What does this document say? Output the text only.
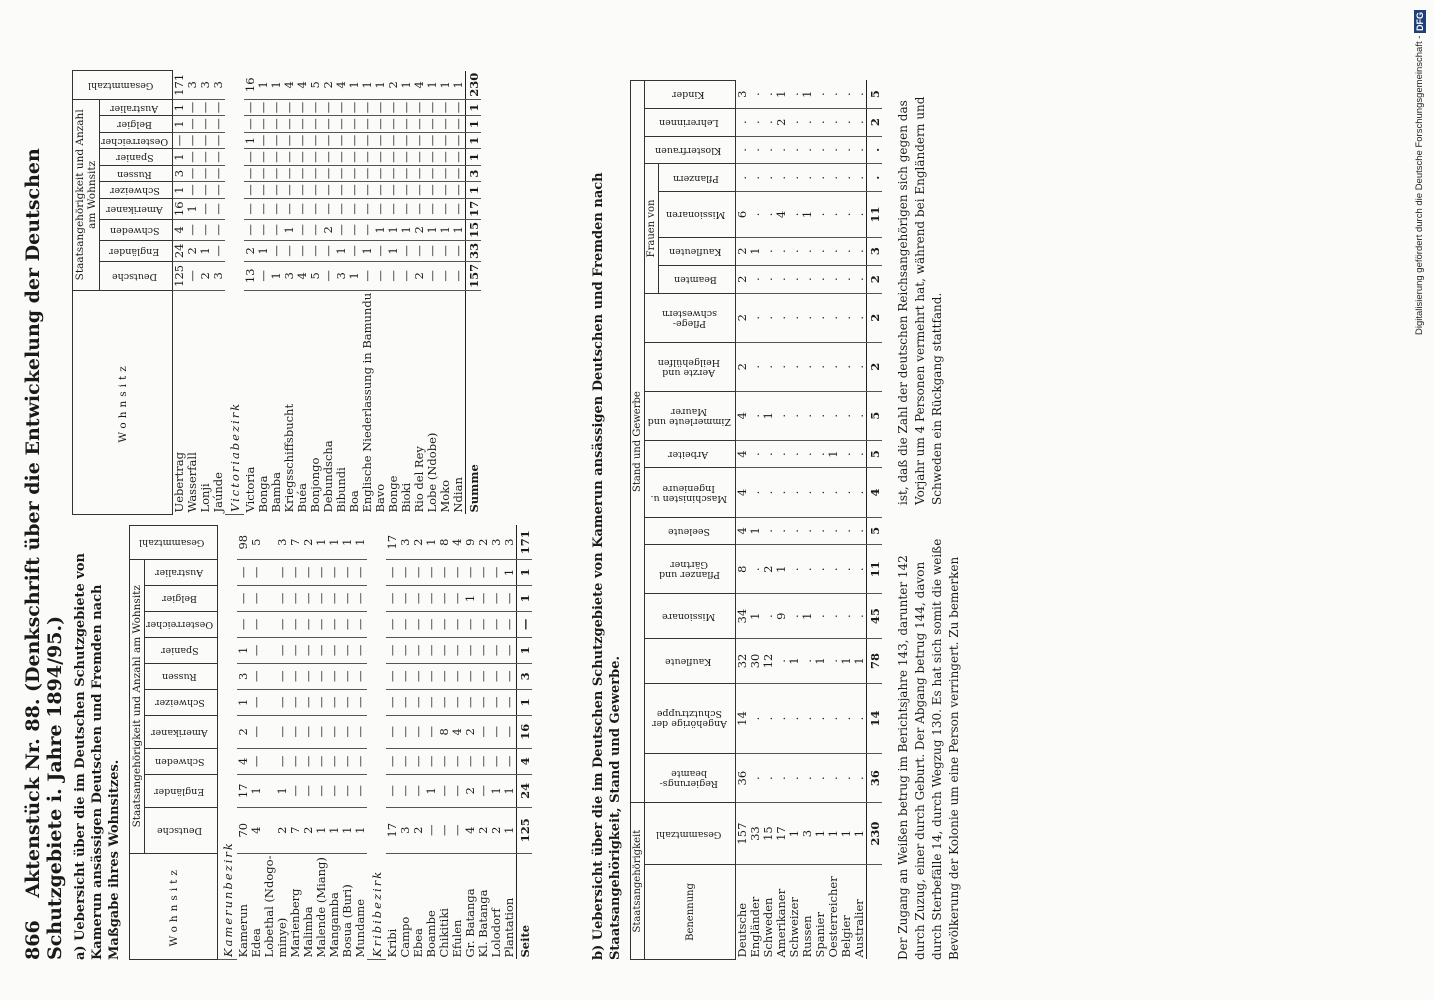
866 Aktenstück Nr. 88. (Denkschrift über die Entwickelung der Deutschen Schutzgebiete i. Jahre 1894/95.) a) Uebersicht über die im Deutschen Schutzgebiete von Kamerun ansässigen Deutschen und Fremden nach Maßgabe ihres Wohnsitzes.	Wohnsitz	Staatsangehörigkeit und Anzahl am Wohnsitz										Gesammtzahl
	Deutsche	Engländer	Schweden	Amerikaner	Schweizer	Russen	Spanier	Oesterreicher	Belgier	Australier	
Kamerunbezirk											
Kamerun	70	17	4	2	1	3	1	—	—	—	98
Edea	4	1	—	—	—	—	—	—	—	—	5
Lobethal (Ndogo-											
minye)	2	1	—	—	—	—	—	—	—	—	3
Marienberg	7	—	—	—	—	—	—	—	—	—	7
Malimba	2	—	—	—	—	—	—	—	—	—	2
Malende (Miang)	1	—	—	—	—	—	—	—	—	—	1
Mangamba	1	—	—	—	—	—	—	—	—	—	1
Bosua (Buri)	1	—	—	—	—	—	—	—	—	—	1
Mundame	1	—	—	—	—	—	—	—	—	—	1
Kribibezirk											
Kribi	17	—	—	—	—	—	—	—	—	—	17
Campo	3	—	—	—	—	—	—	—	—	—	3
Ebea	2	—	—	—	—	—	—	—	—	—	2
Boambe	—	1	—	—	—	—	—	—	—	—	1
Chikitiki	—	—	—	8	—	—	—	—	—	—	8
Efulen	—	—	—	4	—	—	—	—	—	—	4
Gr. Batanga	4	2	—	2	—	—	—	—	1	—	9
Kl. Batanga	2	—	—	—	—	—	—	—	—	—	2
Lolodorf	2	1	—	—	—	—	—	—	—	—	3
Plantation	1	1	—	—	—	—	—	—	—	1	3
Seite	125	24	4	16	1	3	1	—	1	1	171
Wohnsitz	Staatsangehörigkeit und Anzahl am Wohnsitz										Gesammtzahl
	Deutsche	Engländer	Schweden	Amerikaner	Schweizer	Russen	Spanier	Oesterreicher	Belgier	Australier	
Uebertrag	125	24	4	16	1	3	1	—	1	1	171
Wasserfall	—	2	—	1	—	—	—	—	—	—	3
Lonji	2	1	—	—	—	—	—	—	—	—	3
Jaúnde	3	—	—	—	—	—	—	—	—	—	3
Victoriabezirk											
Victoria	13	2	—	—	—	—	—	1	—	—	16
Bonga	—	1	—	—	—	—	—	—	—	—	1
Bamba	1	—	—	—	—	—	—	—	—	—	1
Kriegsschiffsbucht	3	—	1	—	—	—	—	—	—	—	4
Buéa	4	—	—	—	—	—	—	—	—	—	4
Bonjongo	5	—	—	—	—	—	—	—	—	—	5
Debundscha	—	—	2	—	—	—	—	—	—	—	2
Bibundi	3	1	—	—	—	—	—	—	—	—	4
Boa	1	—	—	—	—	—	—	—	—	—	1
Englische Niederlassung in Bamundu	—	1	—	—	—	—	—	—	—	—	1
Bavo	—	—	1	—	—	—	—	—	—	—	1
Bonge	—	1	1	—	—	—	—	—	—	—	2
Bioki	—	—	1	—	—	—	—	—	—	—	1
Rio del Rey	2	—	2	—	—	—	—	—	—	—	4
Lobe (Ndobe)	—	—	1	—	—	—	—	—	—	—	1
Moko	—	—	1	—	—	—	—	—	—	—	1
Ndian	—	—	1	—	—	—	—	—	—	—	1
Summe	157	33	15	17	1	3	1	1	1	1	230
b) Uebersicht über die im Deutschen Schutzgebiete von Kamerun ansässigen Deutschen und Fremden nach Staatsangehörigkeit, Stand und Gewerbe. Staatsangehörigkeit		Stand und Gewerbe																	
Benennung	Gesammtzahl	Regierungs-beamte	Angehörige der Schutztruppe	Kaufleute	Missionare	Pflanzer und Gärtner	Seeleute	Maschinisten u. Ingenieure	Arbeiter	Zimmerleute und Maurer	Aerzte und Heilgehülfen	Pflege-schwestern	Frauen von				Klosterfrauen	Lehrerinnen	Kinder
													Beamten	Kaufleuten	Missionaren	Pflanzern			
Deutsche	157	36	14	32	34	8	4	4	4	4	2	2	2	2	6	.	.	.	3
Engländer	33	.	.	30	1	.	1	.	.	.	.	.	.	1	.	.	.	.	.
Schweden	15	.	.	12	.	2	.	.	.	1	.	.	.	.	.	.	.	.	.
Amerikaner	17	.	.	.	9	1	.	.	.	.	.	.	.	.	4	.	.	2	1
Schweizer	1	.	.	1	.	.	.	.	.	.	.	.	.	.	.	.	.	.	.
Russen	3	.	.	.	1	.	.	.	.	.	.	.	.	.	1	.	.	.	1
Spanier	1	.	.	1	.	.	.	.	.	.	.	.	.	.	.	.	.	.	.
Oesterreicher	1	.	.	.	.	.	.	.	1	.	.	.	.	.	.	.	.	.	.
Belgier	1	.	.	1	.	.	.	.	.	.	.	.	.	.	.	.	.	.	.
Australier	1	.	.	1	.	.	.	.	.	.	.	.	.	.	.	.	.	.	.
	230	36	14	78	45	11	5	4	5	5	2	2	2	3	11	.	.	2	5
Der Zugang an Weißen betrug im Berichtsjahre 143, darunter 142 durch Zuzug, einer durch Geburt. Der Abgang betrug 144, davon durch Sterbefälle 14, durch Wegzug 130. Es hat sich somit die weiße Bevölkerung der Kolonie um eine Person verringert. Zu bemerken ist, daß die Zahl der deutschen Reichsangehörigen sich gegen das Vorjahr um 4 Personen vermehrt hat, während bei Engländern und Schweden ein Rückgang stattfand.
Digitalisierung gefördert durch die Deutsche Forschungsgemeinschaft - DFG
